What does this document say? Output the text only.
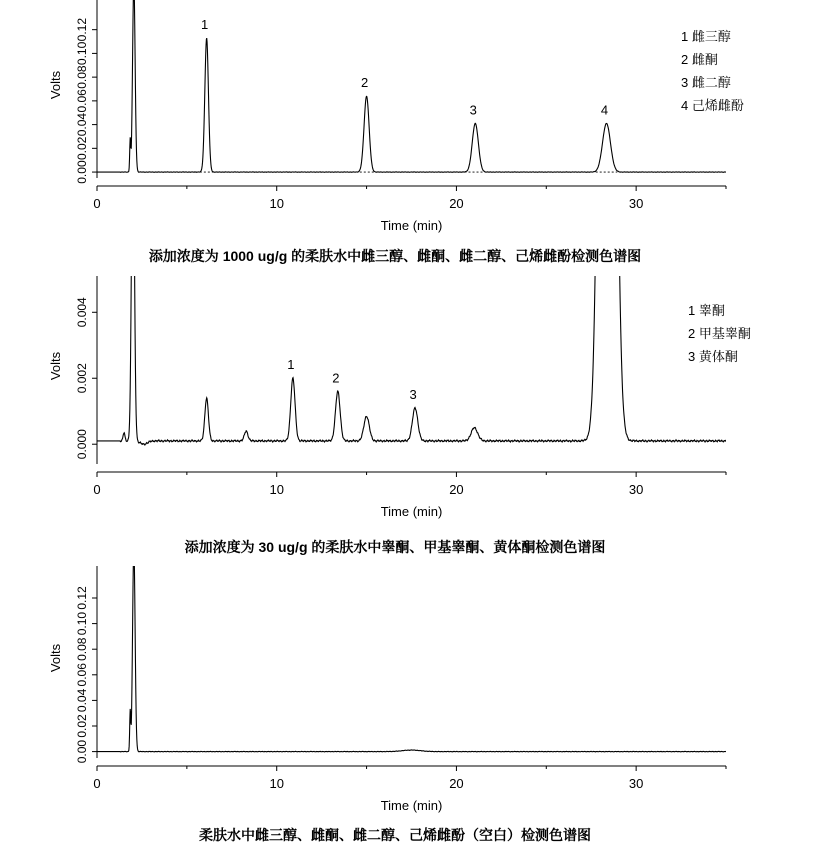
0	10	20	30
Time (min)
0.00
0.02
0.04
0.06
0.08
0.10
0.12
Volts
1
2
3	4
1 雌三醇
2 雌酮
3 雌二醇
4 己烯雌酚
0	10	20	30
Time (min)
0.000
0.002
0.004
Volts	1
2
3
1 睾酮
2 甲基睾酮
3 黄体酮
0	10	20	30
Time (min)
0.00
0.02
0.04
0.06
0.08
0.10
0.12
Volts
添加浓度为 1000 ug/g 的柔肤水中雌三醇、雌酮、雌二醇、己烯雌酚检测色谱图
添加浓度为 30 ug/g 的柔肤水中睾酮、甲基睾酮、黄体酮检测色谱图
柔肤水中雌三醇、雌酮、雌二醇、己烯雌酚（空白）检测色谱图
